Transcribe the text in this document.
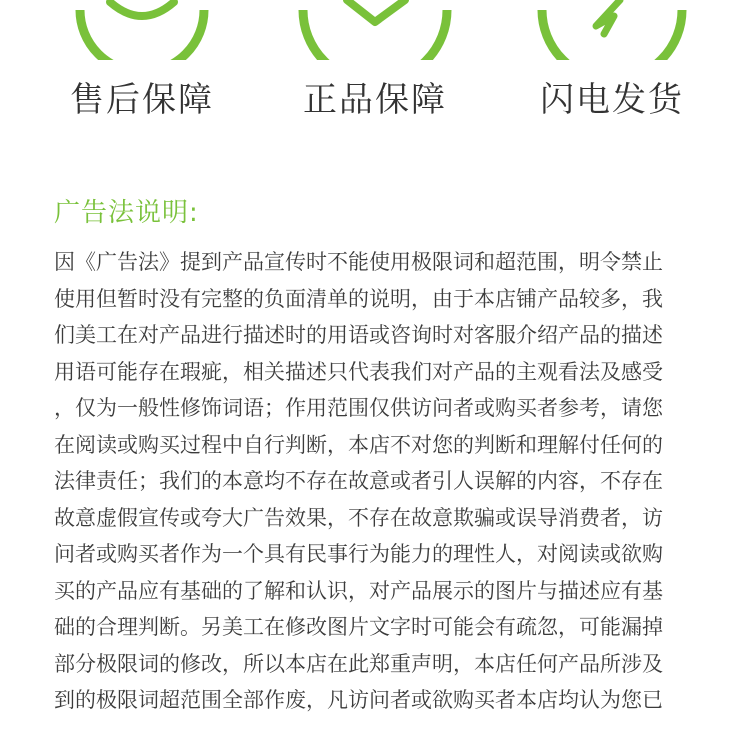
售后保障	正品保障	闪电发货
广告法说明:
因《广告法》提到产品宣传时不能使用极限词和超范围，明令禁止
使用但暂时没有完整的负面清单的说明，由于本店铺产品较多，我
们美工在对产品进行描述时的用语或咨询时对客服介绍产品的描述
用语可能存在瑕疵，相关描述只代表我们对产品的主观看法及感受
，仅为一般性修饰词语；作用范围仅供访问者或购买者参考，请您
在阅读或购买过程中自行判断，本店不对您的判断和理解付任何的
法律责任；我们的本意均不存在故意或者引人误解的内容，不存在
故意虚假宣传或夸大广告效果，不存在故意欺骗或误导消费者，访
问者或购买者作为一个具有民事行为能力的理性人，对阅读或欲购
买的产品应有基础的了解和认识，对产品展示的图片与描述应有基
础的合理判断。另美工在修改图片文字时可能会有疏忽，可能漏掉
部分极限词的修改，所以本店在此郑重声明，本店任何产品所涉及
到的极限词超范围全部作废，凡访问者或欲购买者本店均认为您已
